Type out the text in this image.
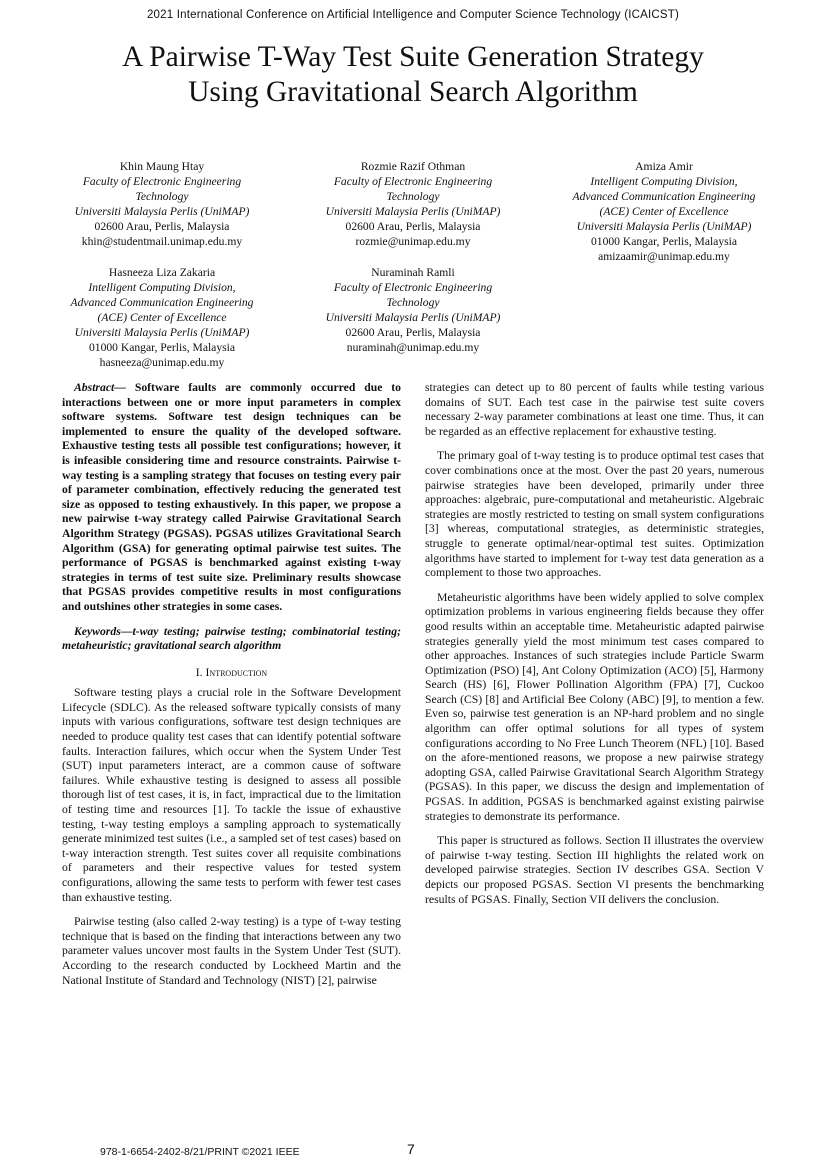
2021 International Conference on Artificial Intelligence and Computer Science Technology (ICAICST)
A Pairwise T-Way Test Suite Generation Strategy
Using Gravitational Search Algorithm
Khin Maung Htay
Faculty of Electronic Engineering
Technology
Universiti Malaysia Perlis (UniMAP)
02600 Arau, Perlis, Malaysia
khin@studentmail.unimap.edu.my
Rozmie Razif Othman
Faculty of Electronic Engineering
Technology
Universiti Malaysia Perlis (UniMAP)
02600 Arau, Perlis, Malaysia
rozmie@unimap.edu.my
Amiza Amir
Intelligent Computing Division,
Advanced Communication Engineering
(ACE) Center of Excellence
Universiti Malaysia Perlis (UniMAP)
01000 Kangar, Perlis, Malaysia
amizaamir@unimap.edu.my
Hasneeza Liza Zakaria
Intelligent Computing Division,
Advanced Communication Engineering
(ACE) Center of Excellence
Universiti Malaysia Perlis (UniMAP)
01000 Kangar, Perlis, Malaysia
hasneeza@unimap.edu.my
Nuraminah Ramli
Faculty of Electronic Engineering
Technology
Universiti Malaysia Perlis (UniMAP)
02600 Arau, Perlis, Malaysia
nuraminah@unimap.edu.my
Abstract— Software faults are commonly occurred due to interactions between one or more input parameters in complex software systems. Software test design techniques can be implemented to ensure the quality of the developed software. Exhaustive testing tests all possible test configurations; however, it is infeasible considering time and resource constraints. Pairwise t-way testing is a sampling strategy that focuses on testing every pair of parameter combination, effectively reducing the generated test size as opposed to testing exhaustively. In this paper, we propose a new pairwise t-way strategy called Pairwise Gravitational Search Algorithm Strategy (PGSAS). PGSAS utilizes Gravitational Search Algorithm (GSA) for generating optimal pairwise test suites. The performance of PGSAS is benchmarked against existing t-way strategies in terms of test suite size. Preliminary results showcase that PGSAS provides competitive results in most configurations and outshines other strategies in some cases.
Keywords—t-way testing; pairwise testing; combinatorial testing; metaheuristic; gravitational search algorithm
I. Introduction

Software testing plays a crucial role in the Software Development Lifecycle (SDLC). As the released software typically consists of many inputs with various configurations, software test design techniques are needed to produce quality test cases that can identify potential software faults. Interaction failures, which occur when the System Under Test (SUT) input parameters interact, are a common cause of software failures. While exhaustive testing is designed to assess all possible thorough list of test cases, it is, in fact, impractical due to the limitation of testing time and resources [1]. To tackle the issue of exhaustive testing, t-way testing employs a sampling approach to systematically generate minimized test suites (i.e., a sampled set of test cases) based on t-way interaction strength. Test suites cover all requisite combinations of parameters and their respective values for tested system configurations, allowing the same tests to perform with fewer test cases than exhaustive testing.

Pairwise testing (also called 2-way testing) is a type of t-way testing technique that is based on the finding that interactions between any two parameter values uncover most faults in the System Under Test (SUT). According to the research conducted by Lockheed Martin and the National Institute of Standard and Technology (NIST) [2], pairwise

strategies can detect up to 80 percent of faults while testing various domains of SUT. Each test case in the pairwise test suite covers necessary 2-way parameter combinations at least one time. Thus, it can be regarded as an effective replacement for exhaustive testing.

The primary goal of t-way testing is to produce optimal test cases that cover combinations once at the most. Over the past 20 years, numerous pairwise strategies have been developed, primarily under three approaches: algebraic, pure-computational and metaheuristic. Algebraic strategies are mostly restricted to testing on small system configurations [3] whereas, computational strategies, as deterministic strategies, struggle to generate optimal/near-optimal test suites. Optimization algorithms have started to implement for t-way test data generation as a complement to those two approaches.

Metaheuristic algorithms have been widely applied to solve complex optimization problems in various engineering fields because they offer good results within an acceptable time. Metaheuristic adapted pairwise strategies generally yield the most minimum test cases compared to other approaches. Instances of such strategies include Particle Swarm Optimization (PSO) [4], Ant Colony Optimization (ACO) [5], Harmony Search (HS) [6], Flower Pollination Algorithm (FPA) [7], Cuckoo Search (CS) [8] and Artificial Bee Colony (ABC) [9], to mention a few. Even so, pairwise test generation is an NP-hard problem and no single algorithm can offer optimal solutions for all types of system configurations according to No Free Lunch Theorem (NFL) [10]. Based on the afore-mentioned reasons, we propose a new pairwise strategy adopting GSA, called Pairwise Gravitational Search Algorithm Strategy (PGSAS). In this paper, we discuss the design and implementation of PGSAS. In addition, PGSAS is benchmarked against existing pairwise strategies to demonstrate its performance.

This paper is structured as follows. Section II illustrates the overview of pairwise t-way testing. Section III highlights the related work on developed pairwise strategies. Section IV describes GSA. Section V depicts our proposed PGSAS. Section VI presents the benchmarking results of PGSAS. Finally, Section VII delivers the conclusion.

978-1-6654-2402-8/21/PRINT ©2021 IEEE	7
